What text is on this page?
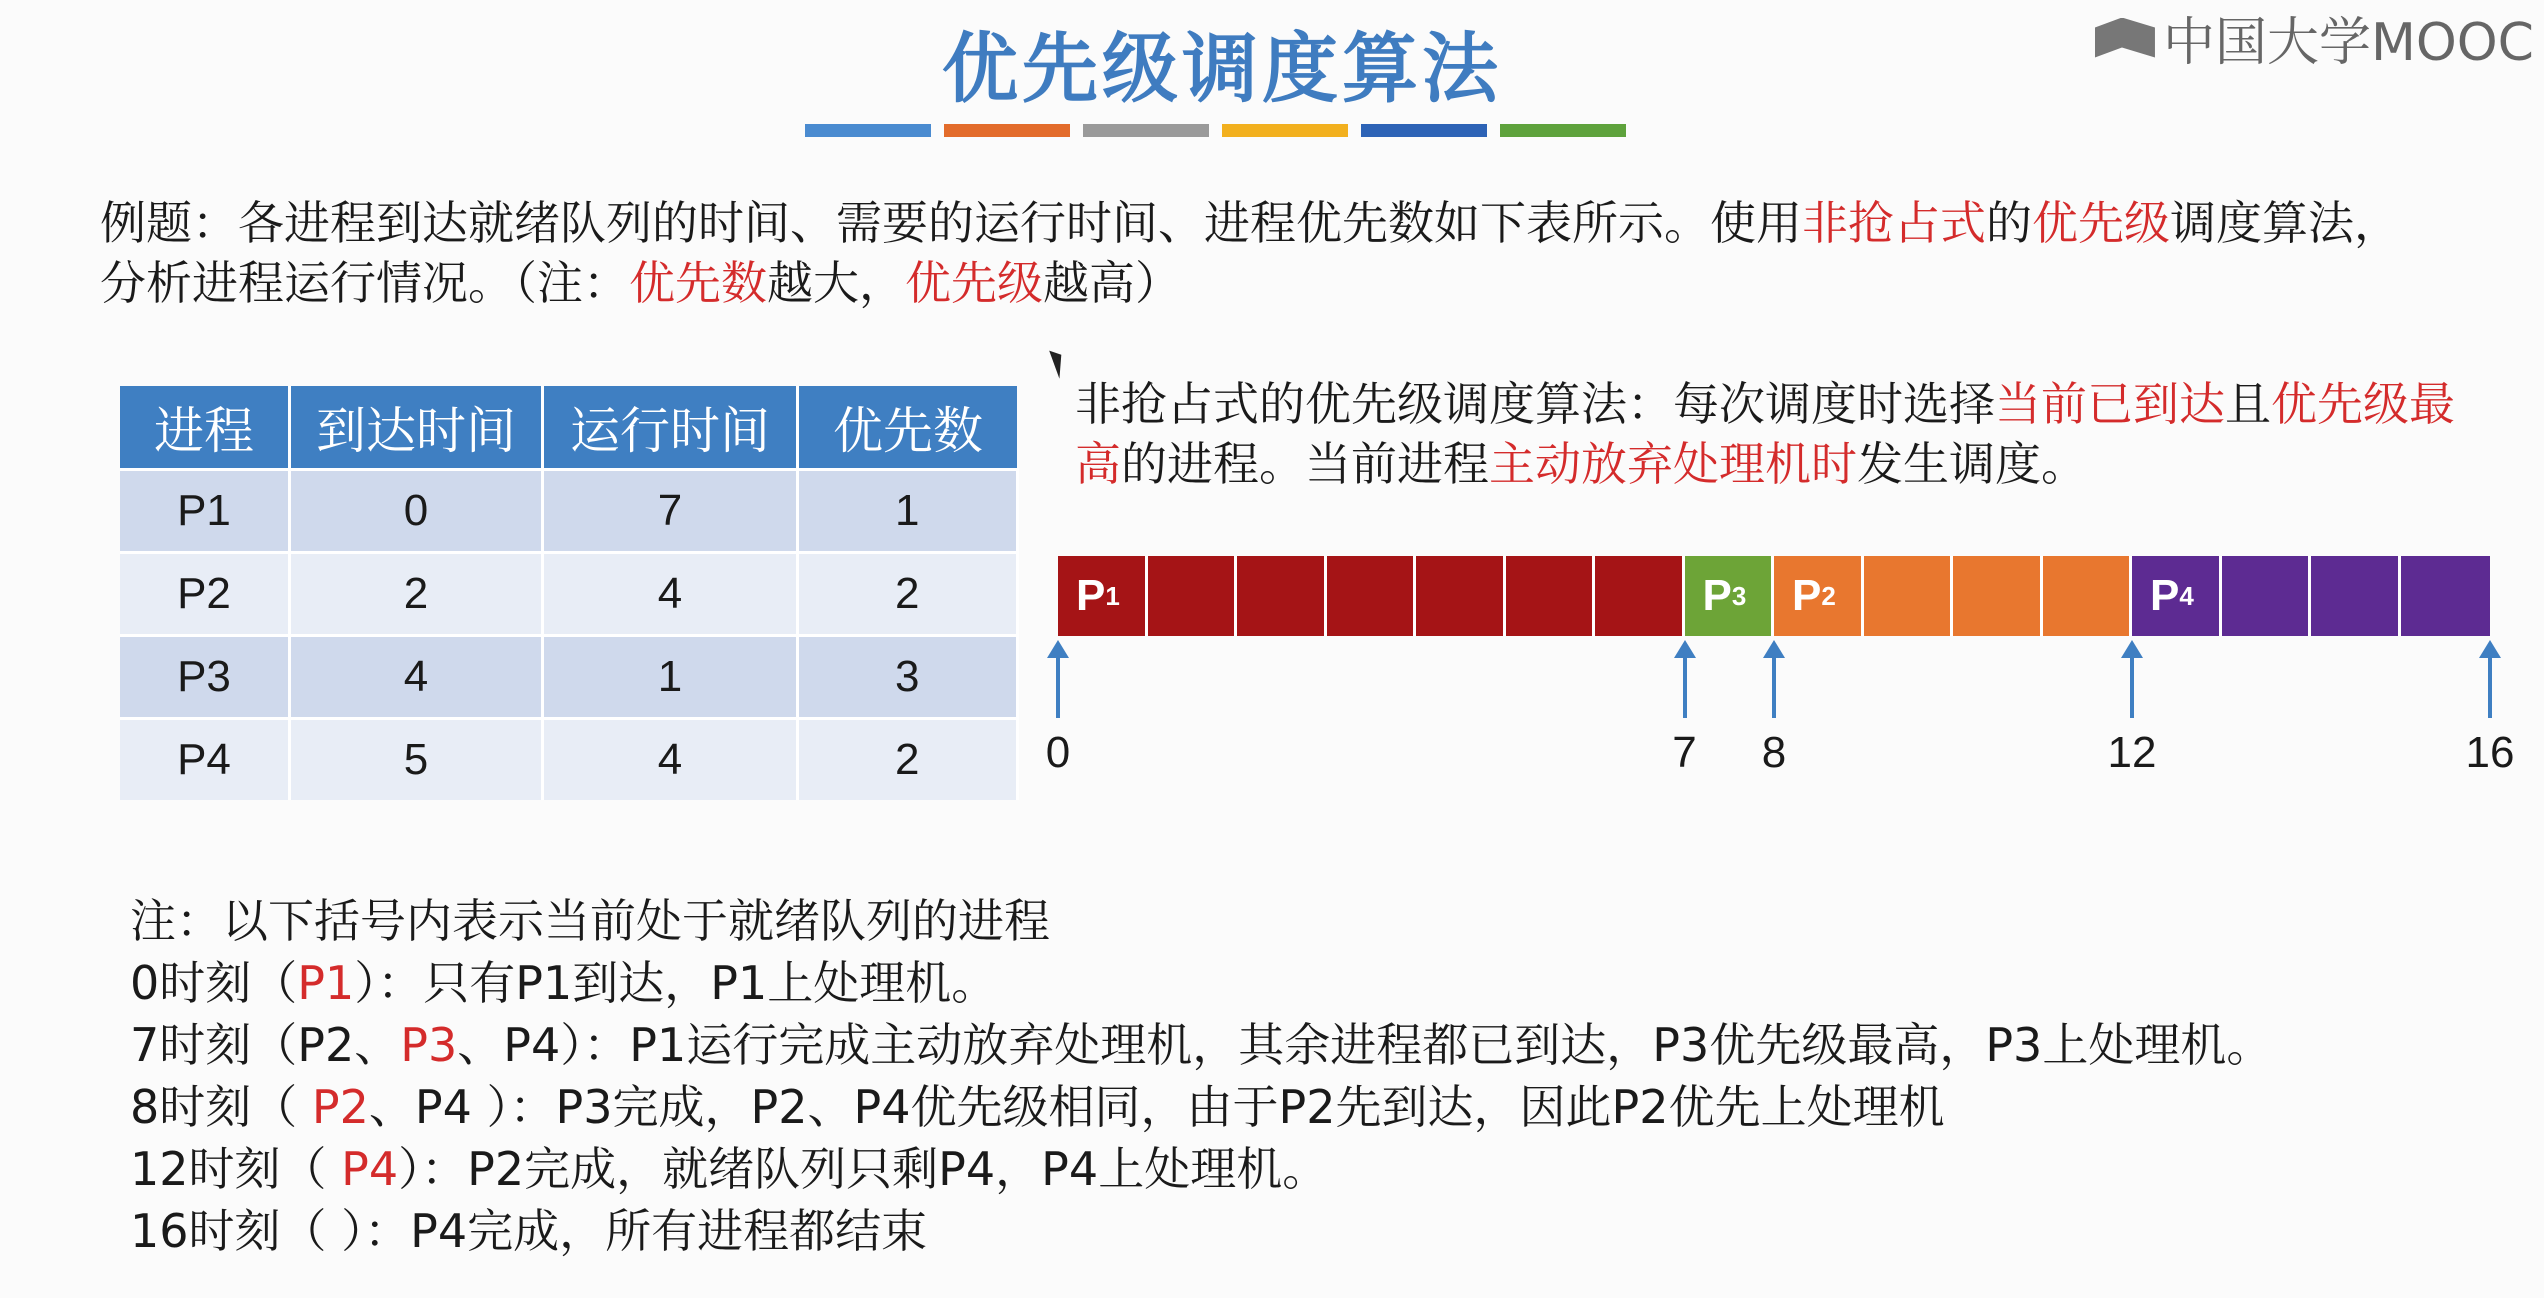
优先级调度算法	中国大学MOOC
例题：各进程到达就绪队列的时间、需要的运行时间、进程优先数如下表所示。使用非抢占式的优先级调度算法，分析进程运行情况。（注：优先数越大，优先级越高）
进程	到达时间	运行时间	优先数
P1	0	7	1
P2	2	4	2
P3	4	1	3
P4	5	4	2
非抢占式的优先级调度算法：每次调度时选择当前已到达且优先级最高的进程。当前进程主动放弃处理机时发生调度。
P 1	P 3 P 2	P 4
0	7 8	12	16
注：以下括号内表示当前处于就绪队列的进程
0时刻（P1）：只有P1到达，P1上处理机。
7时刻（P2、P3、P4）：P1运行完成主动放弃处理机，其余进程都已到达，P3优先级最高，P3上处理机。
8时刻（ P2、P4 ）：P3完成，P2、P4优先级相同，由于P2先到达，因此P2优先上处理机
12时刻（ P4）：P2完成，就绪队列只剩P4，P4上处理机。
16时刻（ ）：P4完成，所有进程都结束
